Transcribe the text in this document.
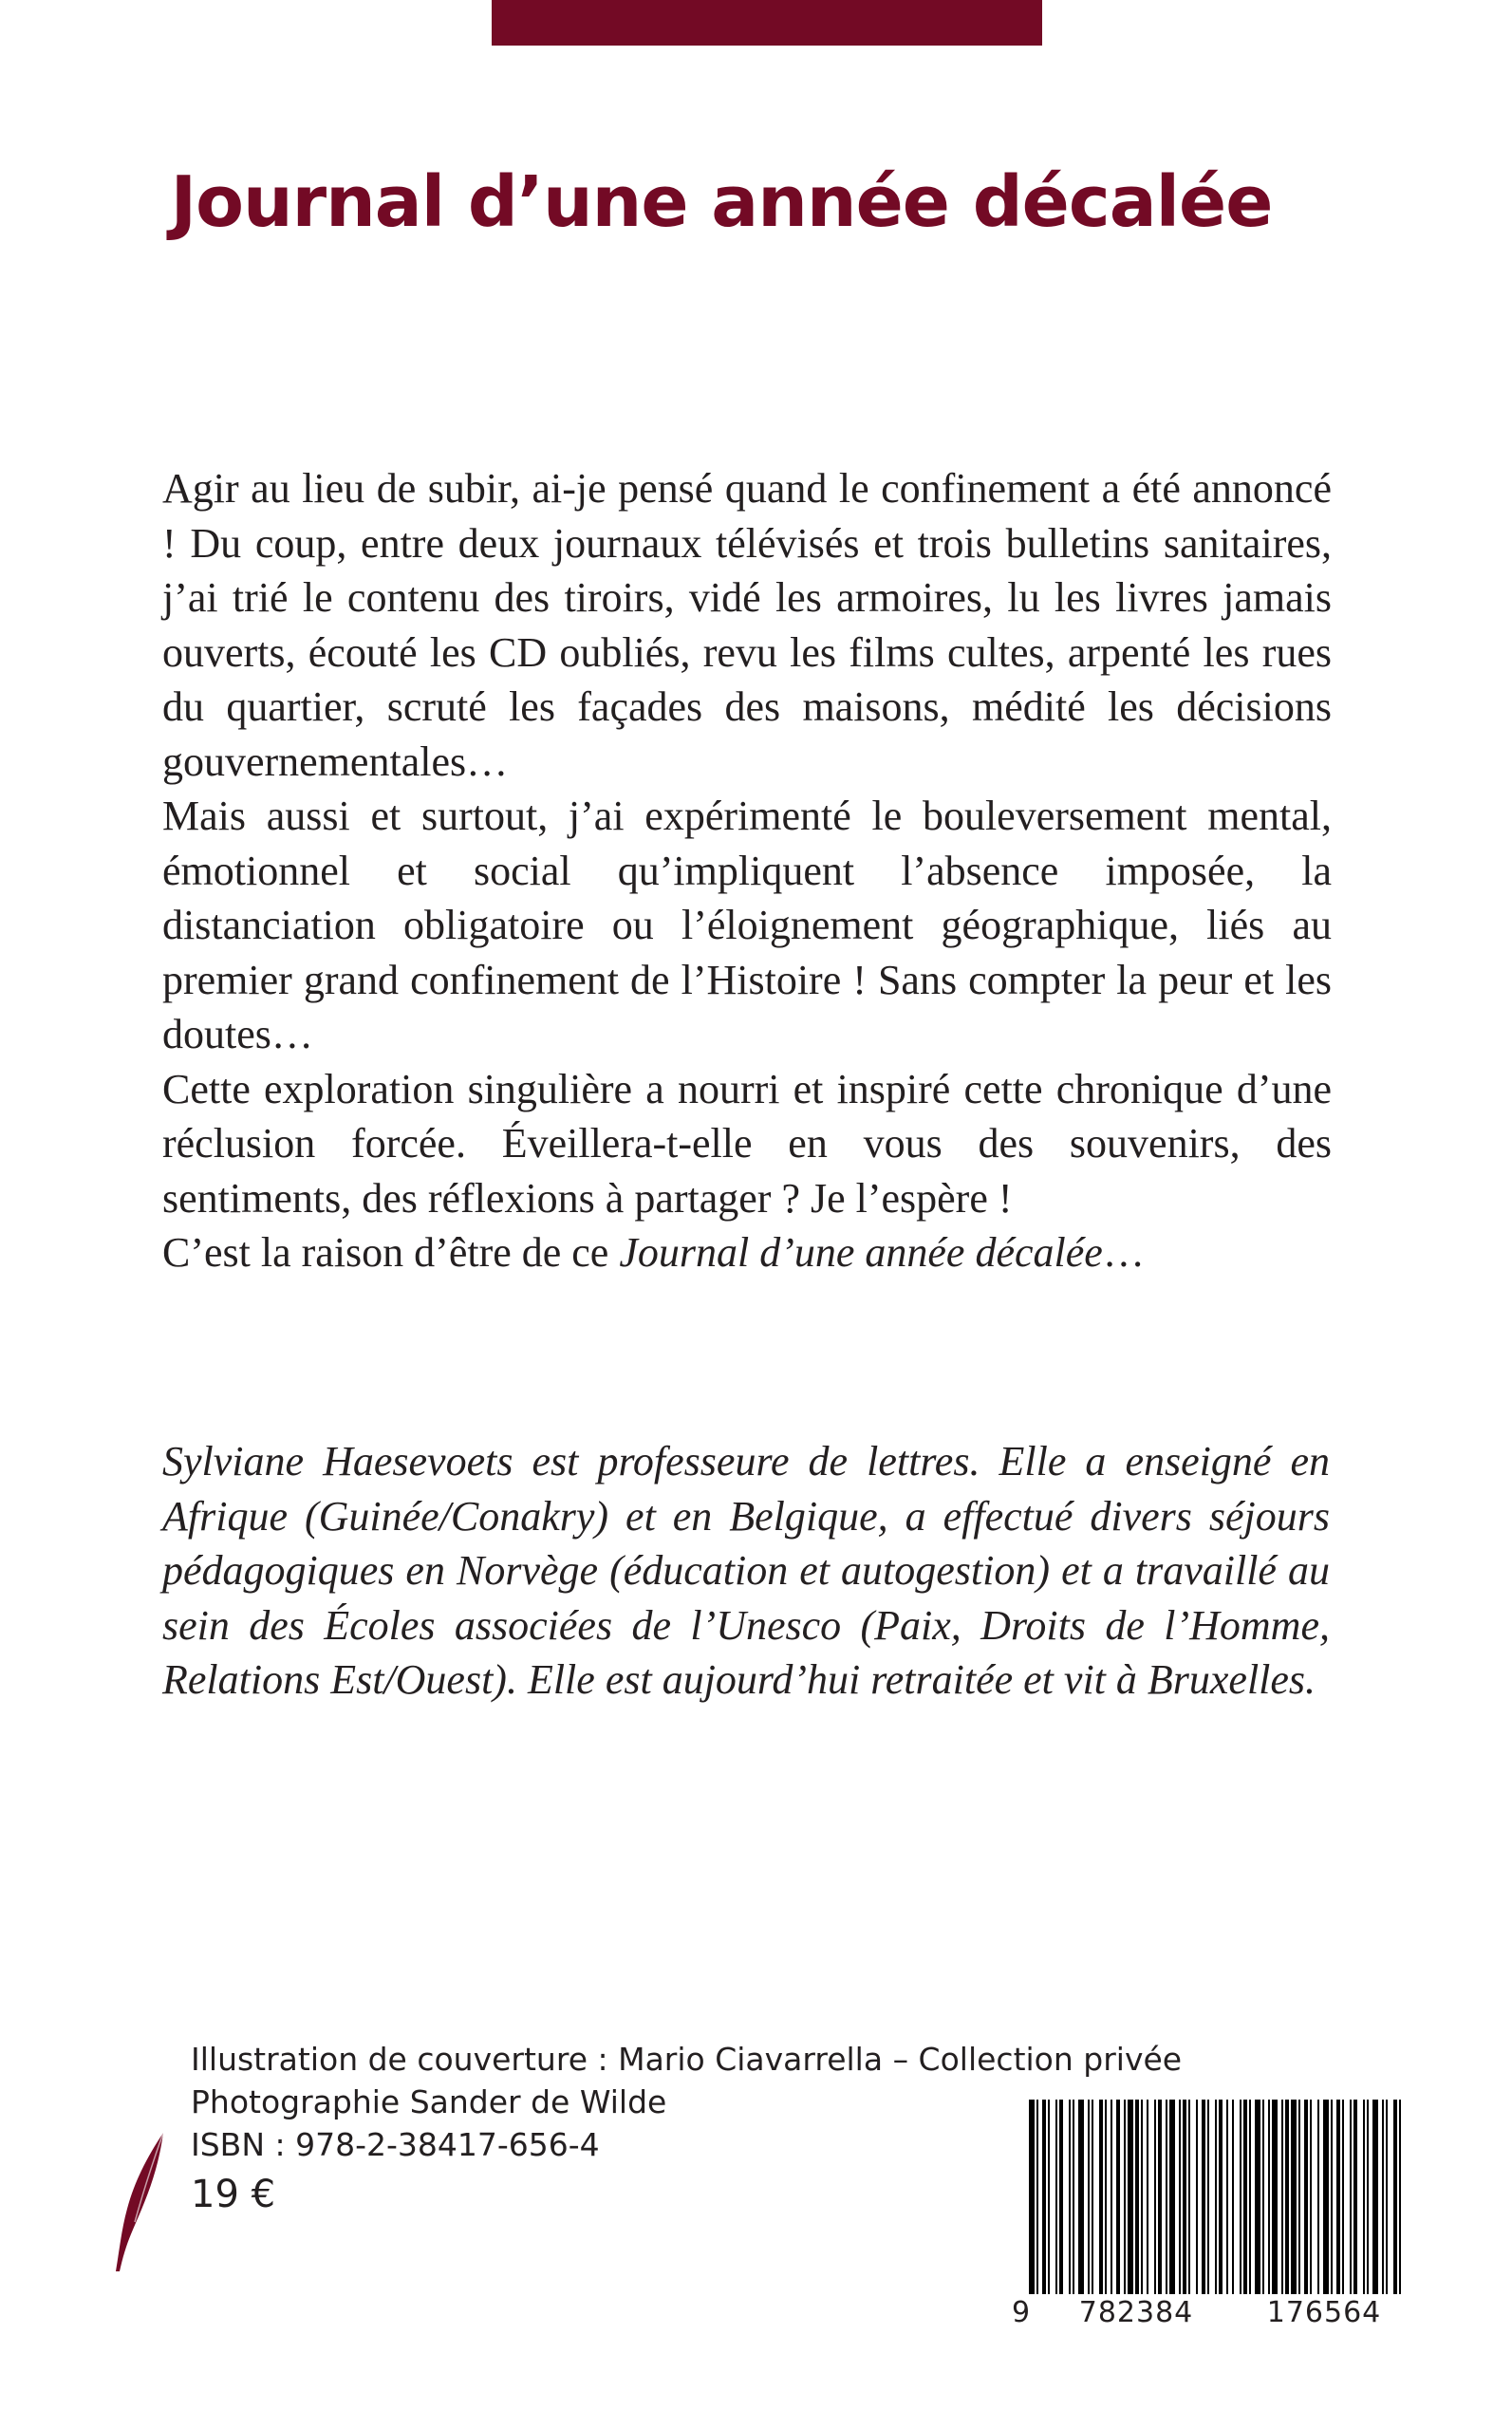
Journal d’une année décalée

Agir au lieu de subir, ai-je pensé quand le confinement a été annoncé ! Du coup, entre deux journaux télévisés et trois bulletins sanitaires, j’ai trié le contenu des tiroirs, vidé les armoires, lu les livres jamais ouverts, écouté les CD oubliés, revu les films cultes, arpenté les rues du quartier, scruté les façades des maisons, médité les décisions gouvernementales…

Mais aussi et surtout, j’ai expérimenté le bouleversement mental, émotionnel et social qu’impliquent l’absence imposée, la distanciation obligatoire ou l’éloignement géographique, liés au premier grand confinement de l’Histoire ! Sans compter la peur et les doutes…

Cette exploration singulière a nourri et inspiré cette chronique d’une réclusion forcée. Éveillera-t-elle en vous des souvenirs, des sentiments, des réflexions à partager ? Je l’espère !

C’est la raison d’être de ce Journal d’une année décalée…

Sylviane Haesevoets est professeure de lettres. Elle a enseigné en Afrique (Guinée/Conakry) et en Belgique, a effectué divers séjours pédagogiques en Norvège (éducation et autogestion) et a travaillé au sein des Écoles associées de l’Unesco (Paix, Droits de l’Homme, Relations Est/Ouest). Elle est aujourd’hui retraitée et vit à Bruxelles.

Illustration de couverture : Mario Ciavarrella – Collection privée
Photographie Sander de Wilde
ISBN : 978-2-38417-656-4
19 €
9	782384	176564
